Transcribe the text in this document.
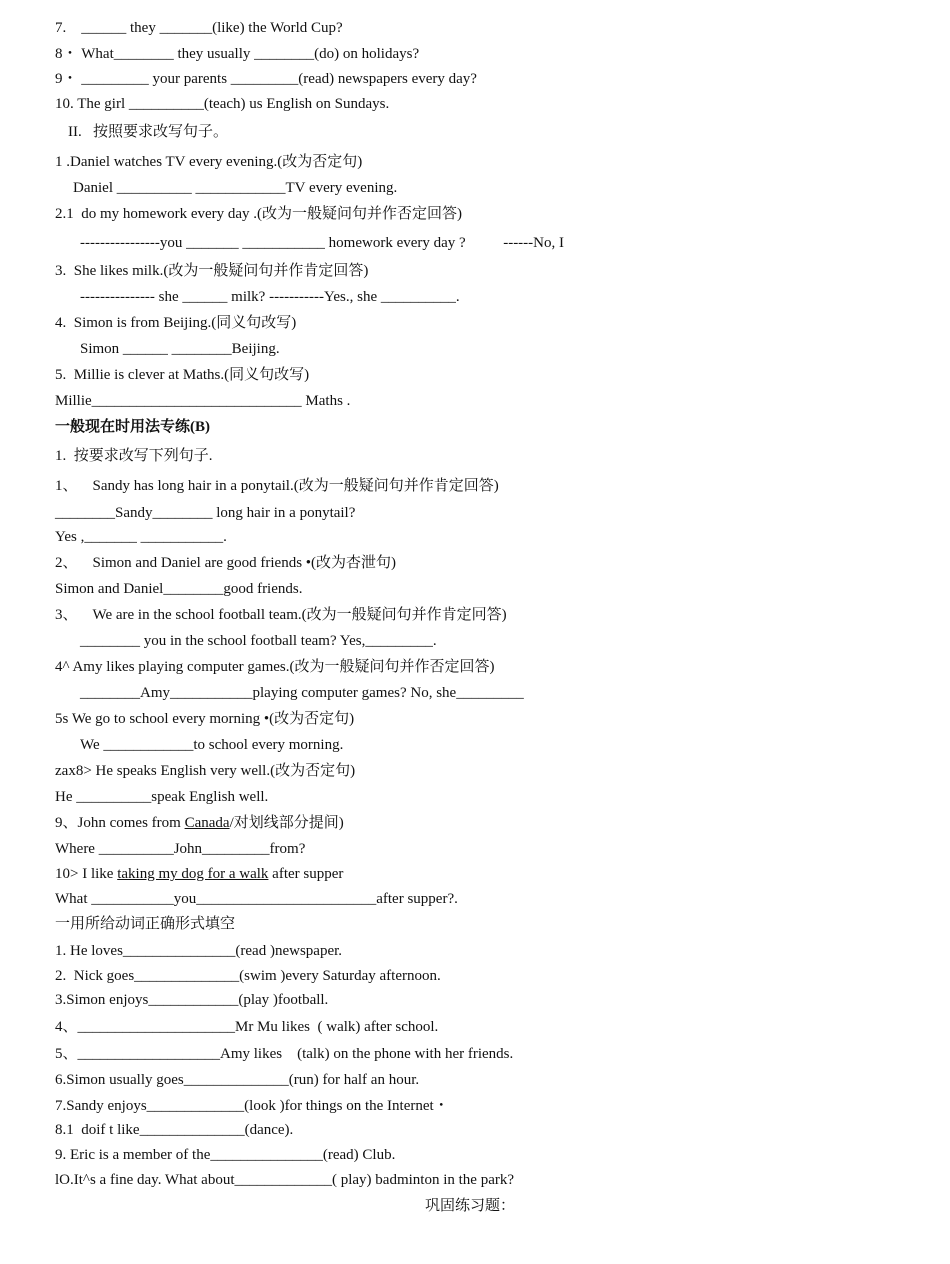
7.    ______ they _______(like) the World Cup?
8・ What________ they usually ________(do) on holidays?
9・ _________ your parents _________(read) newspapers every day?
10. The girl __________(teach) us English on Sundays.
II.   按照要求改写句子。
1 .Daniel watches TV every evening.(改为否定句)
Daniel __________ ____________TV every evening.
2.1  do my homework every day .(改为一般疑问句并作否定回答)
----------------you _______ ___________ homework every day ?          ------No, I
3.  She likes milk.(改为一般疑问句并作肯定回答)
--------------- she ______ milk? -----------Yes., she __________.
4.  Simon is from Beijing.(同义句改写)
Simon ______ ________Beijing.
5.  Millie is clever at Maths.(同义句改写)
Millie____________________________ Maths .
一般现在时用法专练(B)
1.  按要求改写下列句子.
1、    Sandy has long hair in a ponytail.(改为一般疑问句并作肯定回答)
________Sandy________ long hair in a ponytail?
Yes ,_______ ___________.
2、    Simon and Daniel are good friends •(改为杏泄句)
Simon and Daniel________good friends.
3、    We are in the school football team.(改为一般疑问句并作肯定冋答)
________ you in the school football team? Yes,_________.
4^ Amy likes playing computer games.(改为一般疑问句并作否定回答)
________Amy___________playing computer games? No, she_________
5s We go to school every morning •(改为否定句)
We ____________to school every morning.
zax8> He speaks English very well.(改为否定句)
He __________speak English well.
9、John comes from Canada/对划线部分提间)
Where __________John_________from?
10> I like taking my dog for a walk after supper
What ___________you________________________after supper?.
一用所给动词正确形式填空
1. He loves_______________(read )newspaper.
2.  Nick goes______________(swim )every Saturday afternoon.
3.Simon enjoys____________(play )football.
4、_____________________Mr Mu likes  ( walk) after school.
5、___________________Amy likes    (talk) on the phone with her friends.
6.Simon usually goes______________(run) for half an hour.
7.Sandy enjoys_____________(look )for things on the Internet・
8.1  doif t like______________(dance).
9. Eric is a member of the_______________(read) Club.
lO.It^s a fine day. What about_____________( play) badminton in the park?
巩固练习题：
